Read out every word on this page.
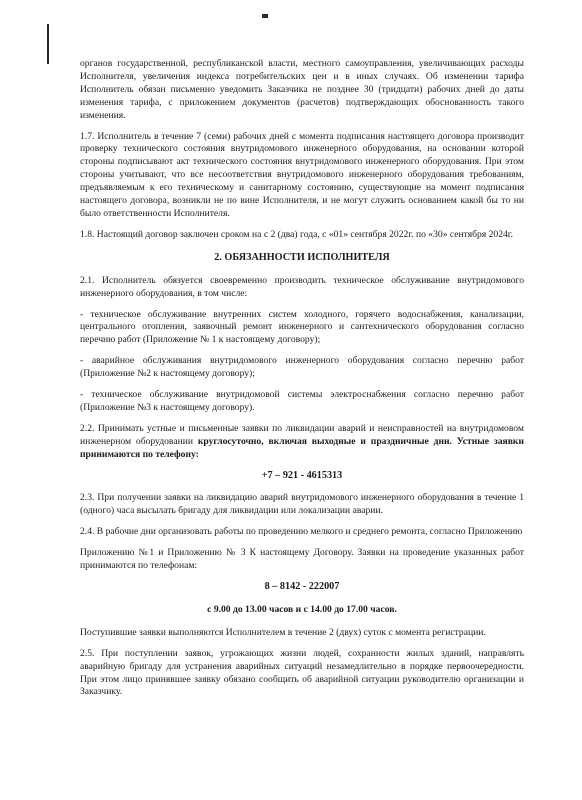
органов государственной, республиканской власти, местного самоуправления, увеличивающих расходы Исполнителя, увеличения индекса потребительских цен и в иных случаях. Об изменении тарифа Исполнитель обязан письменно уведомить Заказчика не позднее 30 (тридцати) рабочих дней до даты изменения тарифа, с приложением документов (расчетов) подтверждающих обоснованность такого изменения.

1.7. Исполнитель в течение 7 (семи) рабочих дней с момента подписания настоящего договора производит проверку технического состояния внутридомового инженерного оборудования, на основании которой стороны подписывают акт технического состояния внутридомового инженерного оборудования. При этом стороны учитывают, что все несоответствия внутридомового инженерного оборудования требованиям, предъявляемым к его техническому и санитарному состоянию, существующие на момент подписания настоящего договора, возникли не по вине Исполнителя, и не могут служить основанием какой бы то ни было ответственности Исполнителя.

1.8. Настоящий договор заключен сроком на с 2 (два) года, с «01» сентября 2022г. по «30» сентября 2024г.

2. ОБЯЗАННОСТИ ИСПОЛНИТЕЛЯ

2.1. Исполнитель обязуется своевременно производить техническое обслуживание внутридомового инженерного оборудования, в том числе:

- техническое обслуживание внутренних систем холодного, горячего водоснабжения, канализации, центрального отопления, заявочный ремонт инженерного и сантехнического оборудования согласно перечню работ (Приложение № 1 к настоящему договору);

- аварийное обслуживания внутридомового инженерного оборудования согласно перечню работ (Приложение №2 к настоящему договору);

- техническое обслуживание внутридомовой системы электроснабжения согласно перечню работ (Приложение №3 к настоящему договору).

2.2. Принимать устные и письменные заявки по ликвидации аварий и неисправностей на внутридомовом инженерном оборудовании круглосуточно, включая выходные и праздничные дни. Устные заявки принимаются по телефону:

+7 – 921 - 4615313

2.3. При получении заявки на ликвидацию аварий внутридомового инженерного оборудования в течение 1 (одного) часа высылать бригаду для ликвидации или локализации аварии.

2.4. В рабочие дни организовать работы по проведению мелкого и среднего ремонта, согласно Приложению

Приложению №1 и Приложению № 3 К настоящему Договору. Заявки на проведение указанных работ принимаются по телефонам:

8 – 8142 - 222007
с 9.00 до 13.00 часов и с 14.00 до 17.00 часов.

Поступившие заявки выполняются Исполнителем в течение 2 (двух) суток с момента регистрации.

2.5. При поступлении заявок, угрожающих жизни людей, сохранности жилых зданий, направлять аварийную бригаду для устранения аварийных ситуаций незамедлительно в порядке первоочередности. При этом лицо принявшее заявку обязано сообщить об аварийной ситуации руководителю организации и Заказчику.
